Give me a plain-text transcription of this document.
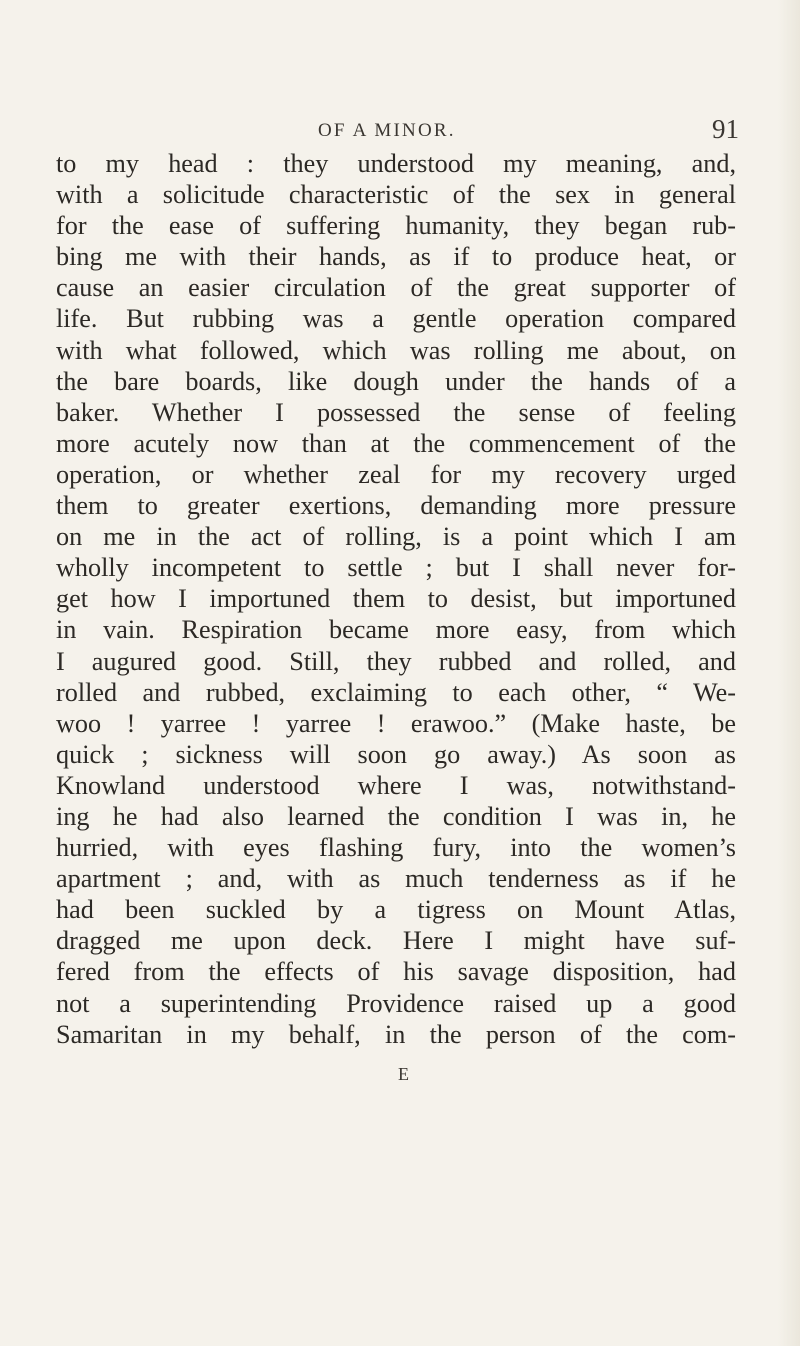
OF A MINOR.	91
to my head : they understood my meaning, and,
with a solicitude characteristic of the sex in general
for the ease of suffering humanity, they began rub-
bing me with their hands, as if to produce heat, or
cause an easier circulation of the great supporter of
life. But rubbing was a gentle operation compared
with what followed, which was rolling me about, on
the bare boards, like dough under the hands of a
baker. Whether I possessed the sense of feeling
more acutely now than at the commencement of the
operation, or whether zeal for my recovery urged
them to greater exertions, demanding more pressure
on me in the act of rolling, is a point which I am
wholly incompetent to settle ; but I shall never for-
get how I importuned them to desist, but importuned
in vain. Respiration became more easy, from which
I augured good. Still, they rubbed and rolled, and
rolled and rubbed, exclaiming to each other, “ We-
woo ! yarree ! yarree ! erawoo.” (Make haste, be
quick ; sickness will soon go away.) As soon as
Knowland understood where I was, notwithstand-
ing he had also learned the condition I was in, he
hurried, with eyes flashing fury, into the women’s
apartment ; and, with as much tenderness as if he
had been suckled by a tigress on Mount Atlas,
dragged me upon deck. Here I might have suf-
fered from the effects of his savage disposition, had
not a superintending Providence raised up a good
Samaritan in my behalf, in the person of the com-
E
